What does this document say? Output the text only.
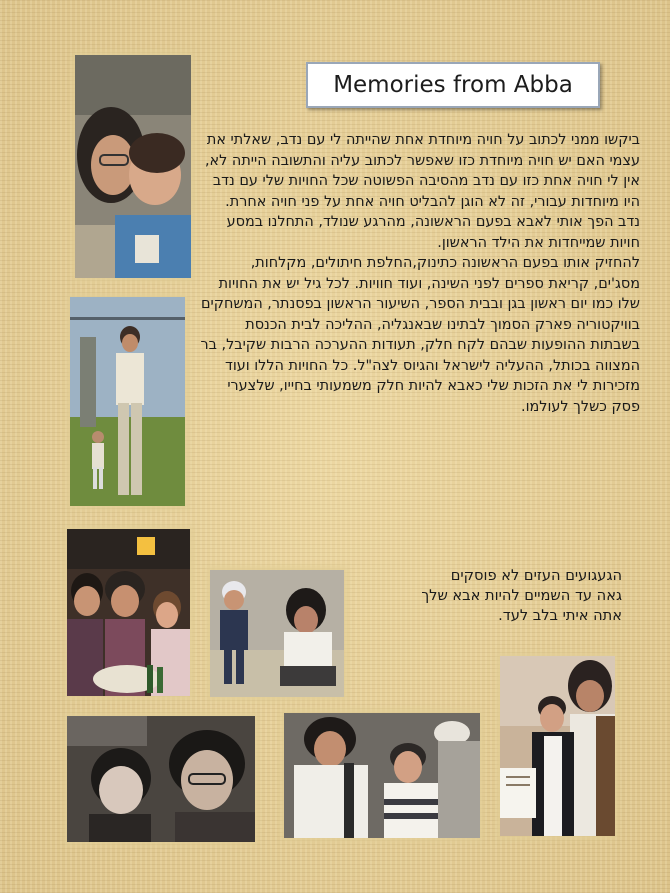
Memories from Abba

ביקשו ממני לכתוב על חויה מיוחדת אחת שהייתה לי עם נדב, שאלתי את עצמי האם יש חויה מיוחדת כזו שאפשר לכתוב עליה והתשובה הייתה לא, אין לי חויה אחת כזו עם נדב מהסיבה הפשוטה שכל החויות שלי עם נדב היו מיוחדות עבורי, זה לא הוגן להבליט חויה אחת על פני חויה אחרת. נדב הפך אותי לאבא בפעם הראשונה, מהרגע שנולד, התחלנו במסע חויות שמייחדות את הילד הראשון.

להחזיק אותו בפעם הראשונה כתינוק,החלפת חיתולים, מקלחות, מסג'ים, קריאת ספרים לפני השינה, ועוד חוויות. לכל גיל יש את החויות שלו כמו יום ראשון בגן ובבית הספר, השיעור הראשון בפסנתר, המשחקים בוויקטוריה פארק הסמוך לבתינו שבאנגליה, ההליכה לבית הכנסת בשבתות ההופעות שבהם לקח חלק, תעודות ההערכה הרבות שקיבל, בר המצווה בכותל, ההעליה לישראל והגיוס לצה"ל. כל החויות הללו ועוד מזכירות לי את הזכות שלי כאבא להיות חלק משמעותי בחייו, שלצערי פסק כשלך לעולמו.

הגעגועים העזים לא פוסקים

גאה עד השמיים להיות אבא שלך

אתה איתי בלב לעד.
